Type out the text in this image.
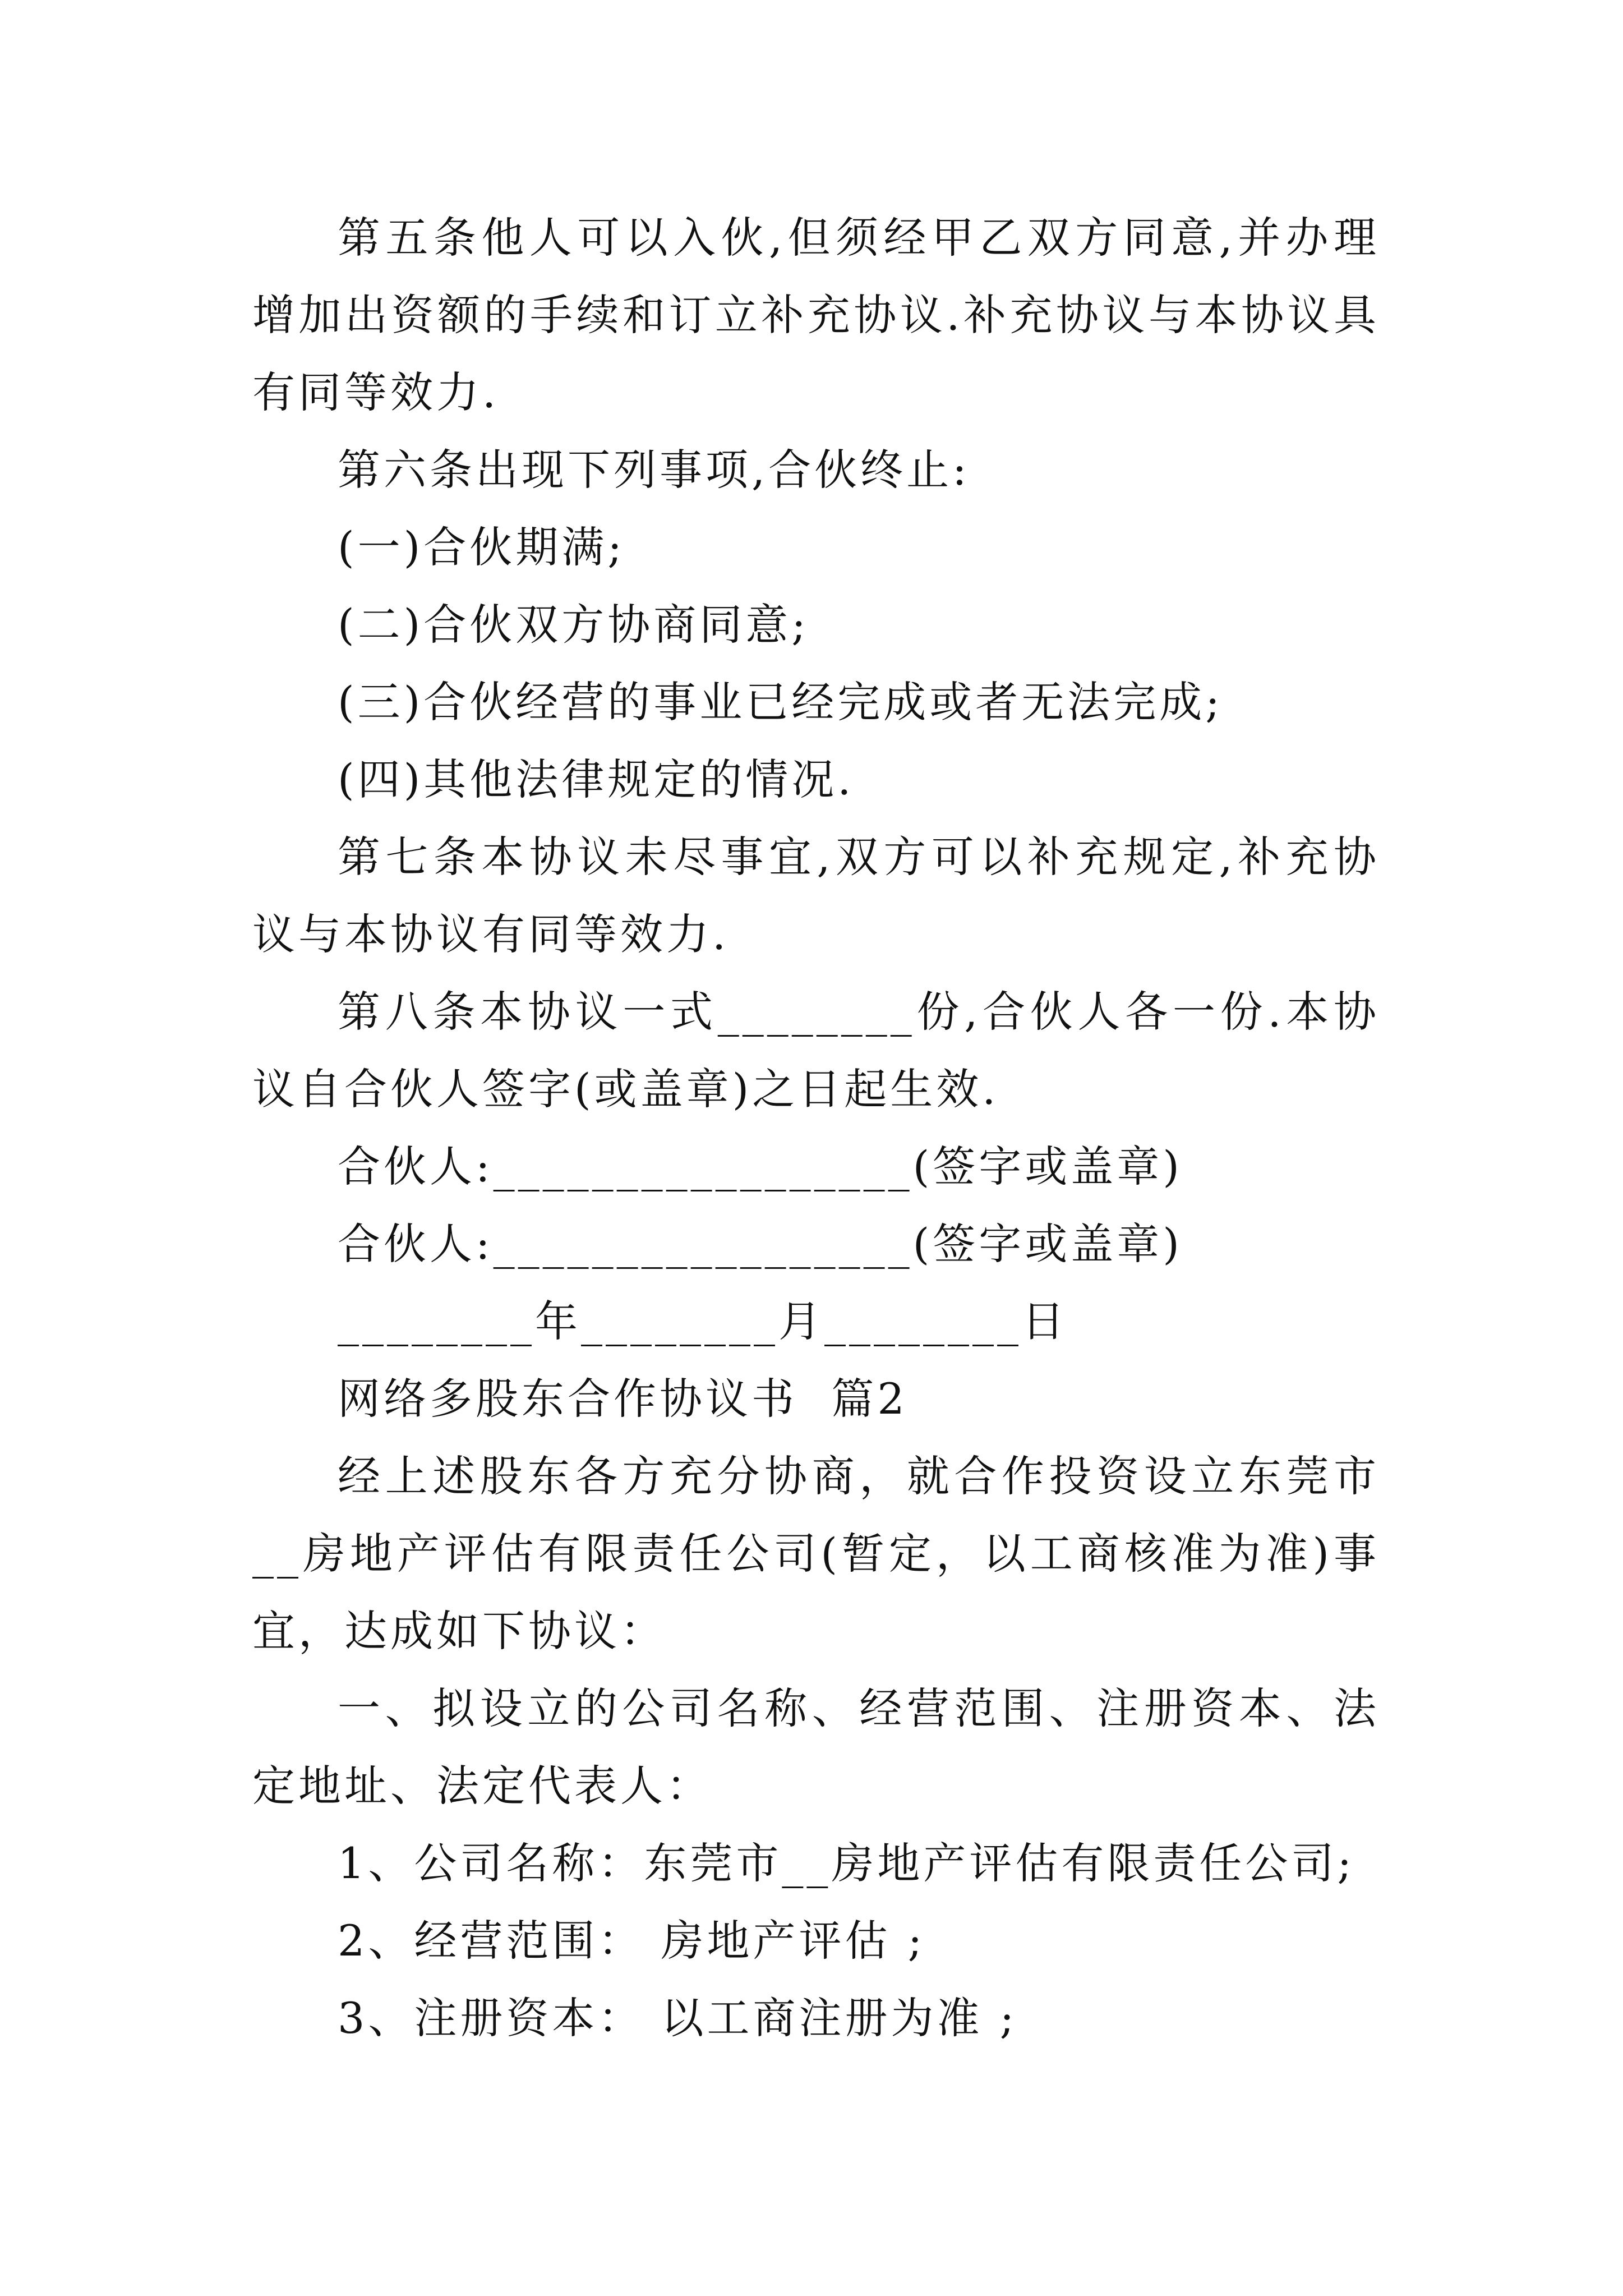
第五条他人可以入伙,但须经甲乙双方同意,并办理增加出资额的手续和订立补充协议.补充协议与本协议具有同等效力.

第六条出现下列事项,合伙终止:

(一)合伙期满;

(二)合伙双方协商同意;

(三)合伙经营的事业已经完成或者无法完成;

(四)其他法律规定的情况.

第七条本协议未尽事宜,双方可以补充规定,补充协议与本协议有同等效力.

第八条本协议一式________份,合伙人各一份.本协议自合伙人签字(或盖章)之日起生效.

合伙人:_________________(签字或盖章)

合伙人:_________________(签字或盖章)

________年________月________日

网络多股东合作协议书  篇2

经上述股东各方充分协商，就合作投资设立东莞市__房地产评估有限责任公司(暂定，以工商核准为准)事宜，达成如下协议：

一、拟设立的公司名称、经营范围、注册资本、法定地址、法定代表人：

1、公司名称：东莞市__房地产评估有限责任公司;

2、经营范围： 房地产评估 ;

3、注册资本： 以工商注册为准 ;
